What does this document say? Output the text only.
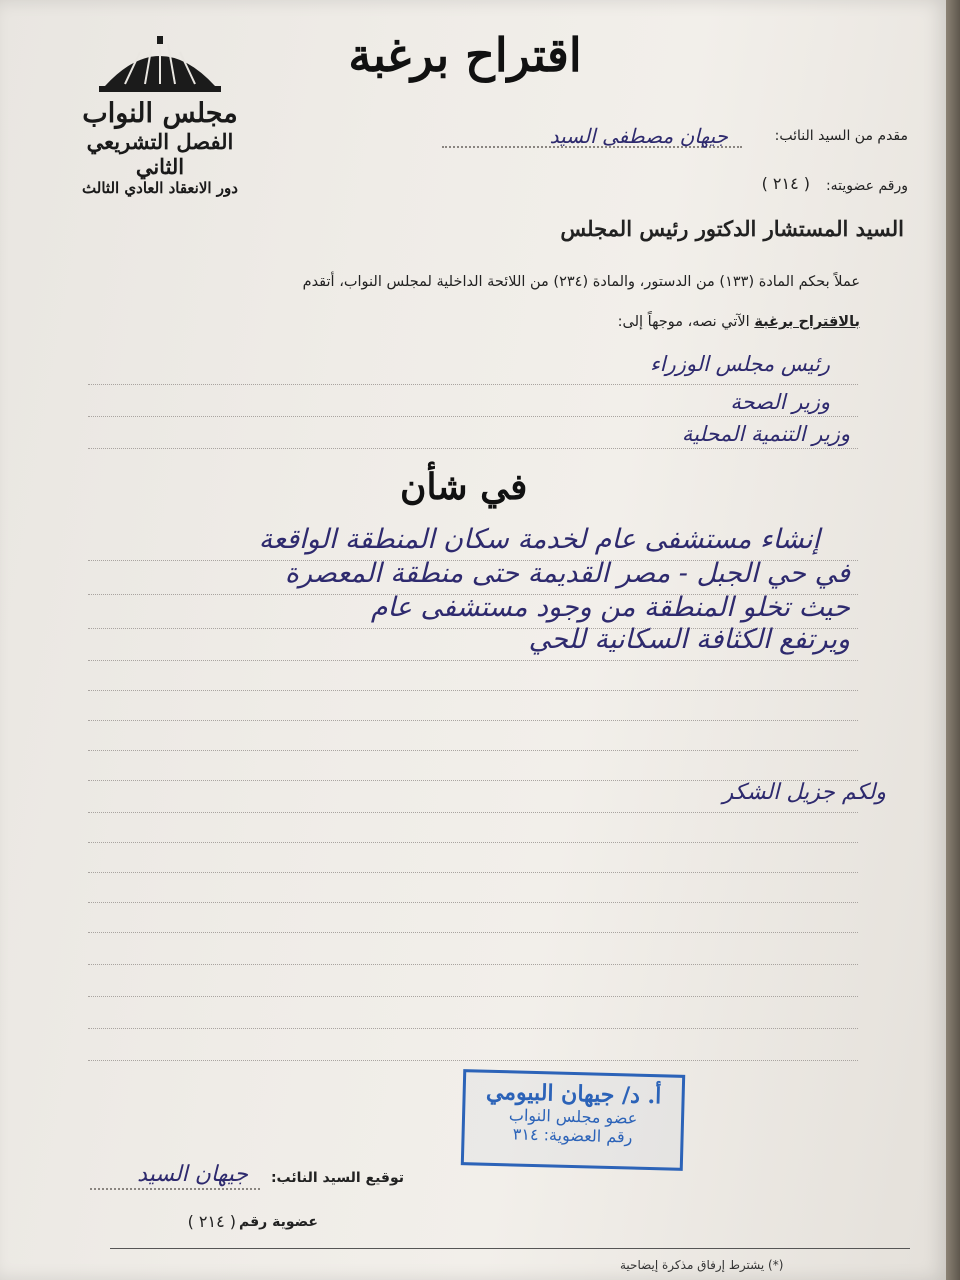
مجلس النواب
الفصل التشريعي الثاني
دور الانعقاد العادي الثالث
اقتراح برغبة
مقدم من السيد النائب:
جيهان مصطفى السيد
ورقم عضويته:
( ٢١٤ )
السيد المستشار الدكتور رئيس المجلس
عملاً بحكم المادة (١٣٣) من الدستور، والمادة (٢٣٤) من اللائحة الداخلية لمجلس النواب، أتقدم
بالاقتراح برغبة الآتي نصه، موجهاً إلى:
رئيس مجلس الوزراء
وزير الصحة
وزير التنمية المحلية
في شأن
إنشاء مستشفى عام لخدمة سكان المنطقة الواقعة
في حي الجبل - مصر القديمة حتى منطقة المعصرة
حيث تخلو المنطقة من وجود مستشفى عام
ويرتفع الكثافة السكانية للحي
ولكم جزيل الشكر
أ. د/ جيهان البيومي
عضو مجلس النواب
رقم العضوية: ٣١٤
توقيع السيد النائب:
جيهان السيد
عضوية رقم
( ٢١٤ )
(*) يشترط إرفاق مذكرة إيضاحية
